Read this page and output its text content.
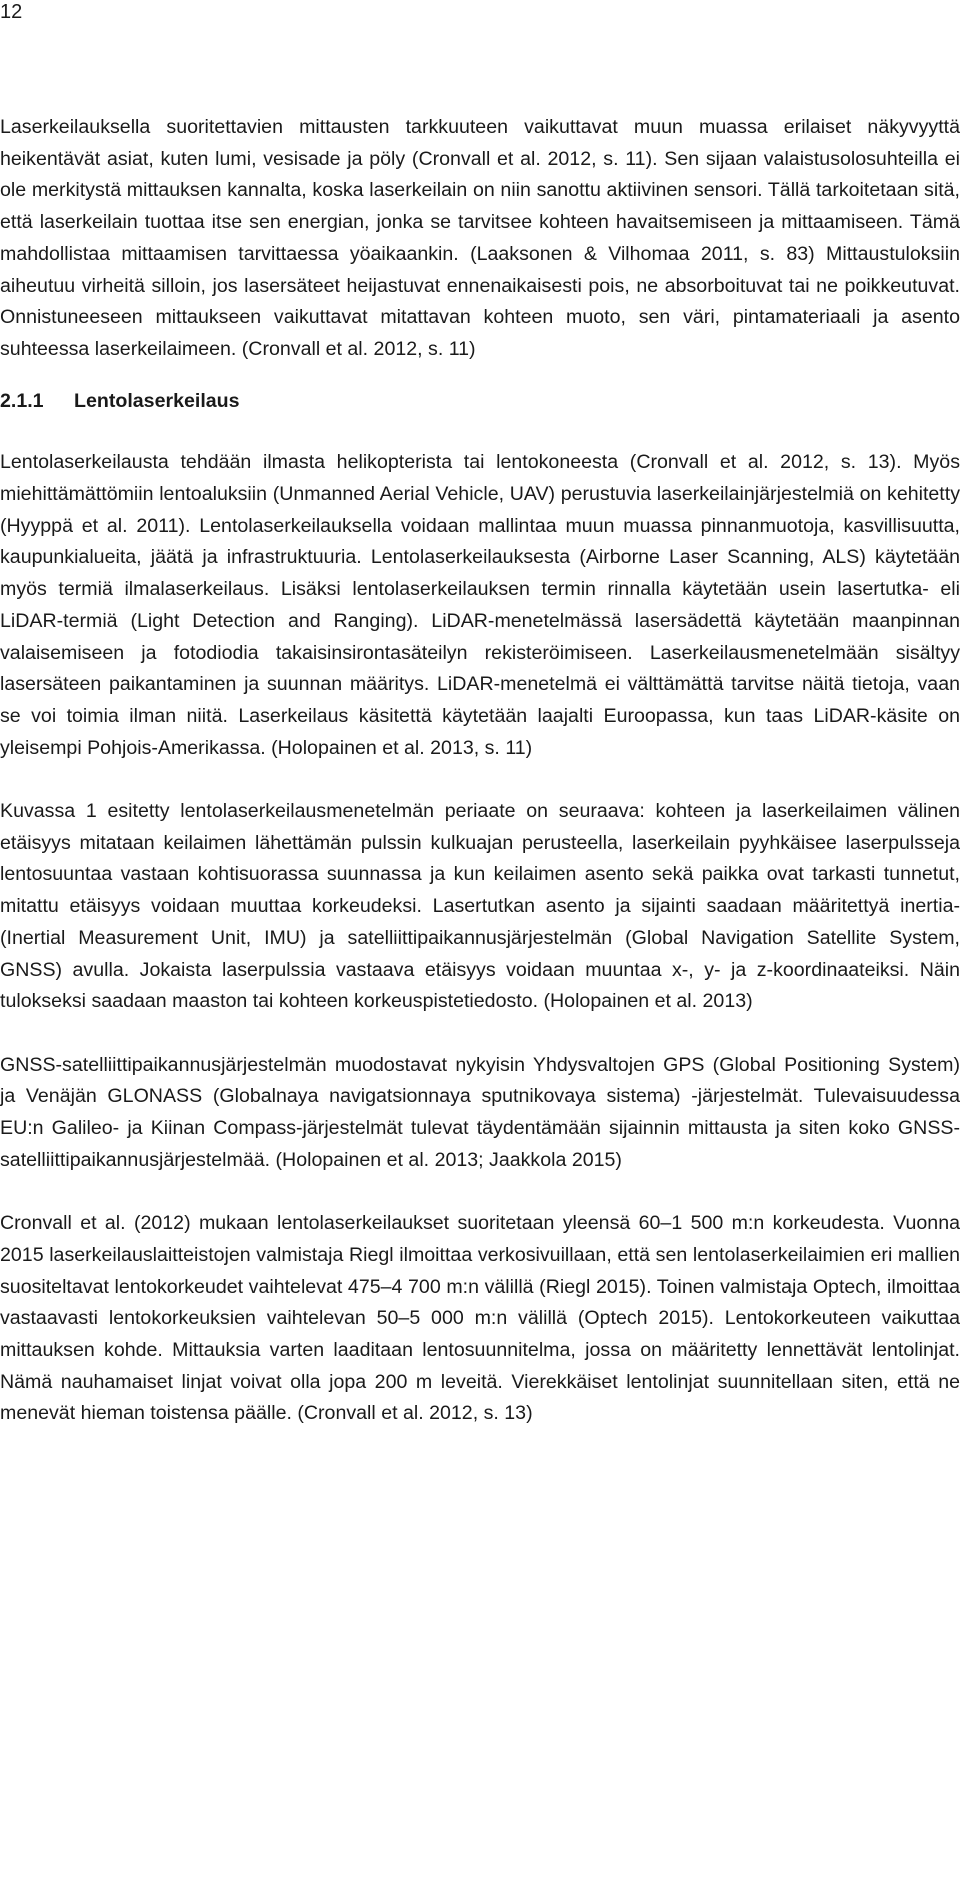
12

Laserkeilauksella suoritettavien mittausten tarkkuuteen vaikuttavat muun muassa erilaiset näkyvyyttä heikentävät asiat, kuten lumi, vesisade ja pöly (Cronvall et al. 2012, s. 11). Sen sijaan valaistusolosuhteilla ei ole merkitystä mittauksen kannalta, koska laserkeilain on niin sanottu aktiivinen sensori. Tällä tarkoitetaan sitä, että laserkeilain tuottaa itse sen energian, jonka se tarvitsee kohteen havaitsemiseen ja mittaamiseen. Tämä mahdollistaa mittaamisen tarvittaessa yöaikaankin. (Laaksonen & Vilhomaa 2011, s. 83) Mittaustuloksiin aiheutuu virheitä silloin, jos lasersäteet heijastuvat ennenaikaisesti pois, ne absorboituvat tai ne poikkeutuvat. Onnistuneeseen mittaukseen vaikuttavat mitattavan kohteen muoto, sen väri, pintamateriaali ja asento suhteessa laserkeilaimeen. (Cronvall et al. 2012, s. 11)

2.1.1 Lentolaserkeilaus

Lentolaserkeilausta tehdään ilmasta helikopterista tai lentokoneesta (Cronvall et al. 2012, s. 13). Myös miehittämättömiin lentoaluksiin (Unmanned Aerial Vehicle, UAV) perustuvia laserkeilainjärjestelmiä on kehitetty (Hyyppä et al. 2011). Lentolaserkeilauksella voidaan mallintaa muun muassa pinnanmuotoja, kasvillisuutta, kaupunkialueita, jäätä ja infrastruktuuria. Lentolaserkeilauksesta (Airborne Laser Scanning, ALS) käytetään myös termiä ilmalaserkeilaus. Lisäksi lentolaserkeilauksen termin rinnalla käytetään usein lasertutka- eli LiDAR-termiä (Light Detection and Ranging). LiDAR-menetelmässä lasersädettä käytetään maanpinnan valaisemiseen ja fotodiodia takaisinsirontasäteilyn rekisteröimiseen. Laserkeilausmenetelmään sisältyy lasersäteen paikantaminen ja suunnan määritys. LiDAR-menetelmä ei välttämättä tarvitse näitä tietoja, vaan se voi toimia ilman niitä. Laserkeilaus käsitettä käytetään laajalti Euroopassa, kun taas LiDAR-käsite on yleisempi Pohjois-Amerikassa. (Holopainen et al. 2013, s. 11)

Kuvassa 1 esitetty lentolaserkeilausmenetelmän periaate on seuraava: kohteen ja laserkeilaimen välinen etäisyys mitataan keilaimen lähettämän pulssin kulkuajan perusteella, laserkeilain pyyhkäisee laserpulsseja lentosuuntaa vastaan kohtisuorassa suunnassa ja kun keilaimen asento sekä paikka ovat tarkasti tunnetut, mitattu etäisyys voidaan muuttaa korkeudeksi. Lasertutkan asento ja sijainti saadaan määritettyä inertia- (Inertial Measurement Unit, IMU) ja satelliittipaikannusjärjestelmän (Global Navigation Satellite System, GNSS) avulla. Jokaista laserpulssia vastaava etäisyys voidaan muuntaa x-, y- ja z-koordinaateiksi. Näin tulokseksi saadaan maaston tai kohteen korkeuspistetiedosto. (Holopainen et al. 2013)

GNSS-satelliittipaikannusjärjestelmän muodostavat nykyisin Yhdysvaltojen GPS (Global Positioning System) ja Venäjän GLONASS (Globalnaya navigatsionnaya sputnikovaya sistema) -järjestelmät. Tulevaisuudessa EU:n Galileo- ja Kiinan Compass-järjestelmät tulevat täydentämään sijainnin mittausta ja siten koko GNSS-satelliittipaikannusjärjestelmää. (Holopainen et al. 2013; Jaakkola 2015)

Cronvall et al. (2012) mukaan lentolaserkeilaukset suoritetaan yleensä 60–1 500 m:n korkeudesta. Vuonna 2015 laserkeilauslaitteistojen valmistaja Riegl ilmoittaa verkosivuillaan, että sen lentolaserkeilaimien eri mallien suositeltavat lentokorkeudet vaihtelevat 475–4 700 m:n välillä (Riegl 2015). Toinen valmistaja Optech, ilmoittaa vastaavasti lentokorkeuksien vaihtelevan 50–5 000 m:n välillä (Optech 2015). Lentokorkeuteen vaikuttaa mittauksen kohde. Mittauksia varten laaditaan lentosuunnitelma, jossa on määritetty lennettävät lentolinjat. Nämä nauhamaiset linjat voivat olla jopa 200 m leveitä. Vierekkäiset lentolinjat suunnitellaan siten, että ne menevät hieman toistensa päälle. (Cronvall et al. 2012, s. 13)
